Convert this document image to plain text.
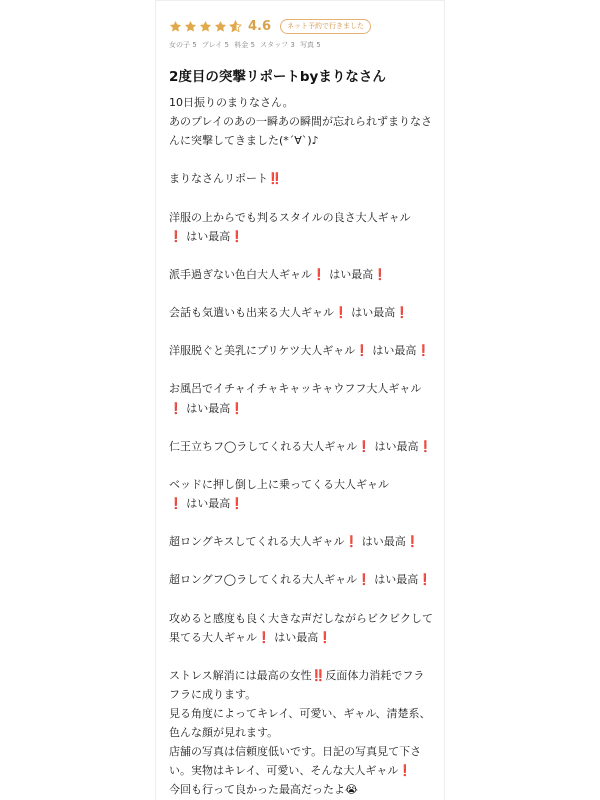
4.6	ネット予約で行きました
女の子 5 プレイ 5 料金 5 スタッフ 3 写真 5
2度目の突撃リポートbyまりなさん
10日振りのまりなさん。
あのプレイのあの一瞬あの瞬間が忘れられずまりなさ
んに突撃してきました(*´∀`)♪
まりなさんリポート‼️
洋服の上からでも判るスタイルの良さ大人ギャル
❗ はい最高❗
派手過ぎない色白大人ギャル❗ はい最高❗
会話も気遣いも出来る大人ギャル❗ はい最高❗
洋服脱ぐと美乳にプリケツ大人ギャル❗ はい最高❗
お風呂でイチャイチャキャッキャウフフ大人ギャル
❗ はい最高❗
仁王立ちフ◯ラしてくれる大人ギャル❗ はい最高❗
ベッドに押し倒し上に乗ってくる大人ギャル
❗ はい最高❗
超ロングキスしてくれる大人ギャル❗ はい最高❗
超ロングフ◯ラしてくれる大人ギャル❗ はい最高❗
攻めると感度も良く大きな声だしながらビクビクして
果てる大人ギャル❗ はい最高❗
ストレス解消には最高の女性‼️反面体力消耗でフラ
フラに成ります。
見る角度によってキレイ、可愛い、ギャル、清楚系、
色んな顔が見れます。
店舗の写真は信頼度低いです。日記の写真見て下さ
い。実物はキレイ、可愛い、そんな大人ギャル❗
今回も行って良かった最高だったよ😭
